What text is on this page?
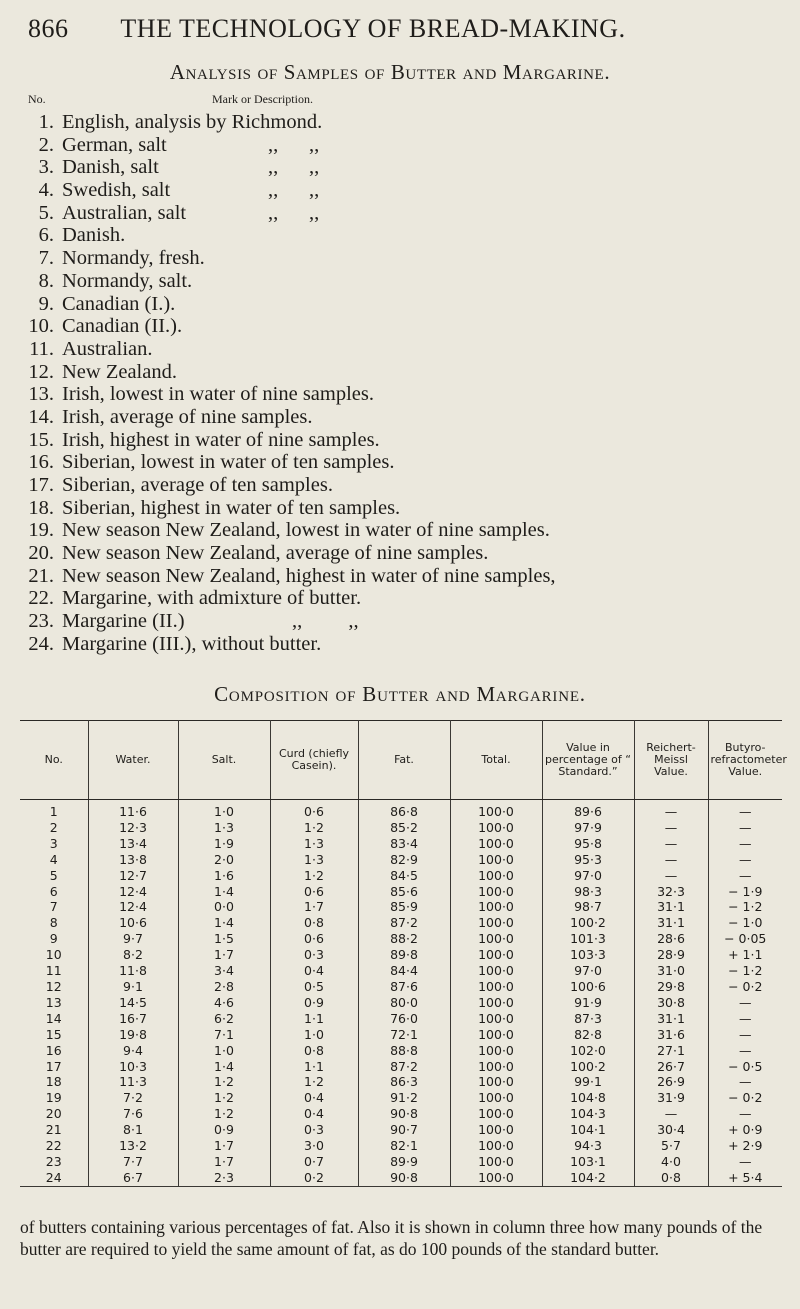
866	THE TECHNOLOGY OF BREAD-MAKING.
Analysis of Samples of Butter and Margarine.
No.	Mark or Description.
1. English, analysis by Richmond.
2. German, salt	,,      ,,
3. Danish, salt	,,      ,,
4. Swedish, salt	,,      ,,
5. Australian, salt	,,      ,,
6. Danish.
7. Normandy, fresh.
8. Normandy, salt.
9. Canadian (I.).
10. Canadian (II.).
11. Australian.
12. New Zealand.
13. Irish, lowest in water of nine samples.
14. Irish, average of nine samples.
15. Irish, highest in water of nine samples.
16. Siberian, lowest in water of ten samples.
17. Siberian, average of ten samples.
18. Siberian, highest in water of ten samples.
19. New season New Zealand, lowest in water of nine samples.
20. New season New Zealand, average of nine samples.
21. New season New Zealand, highest in water of nine samples,
22. Margarine, with admixture of butter.
23. Margarine (II.)	,,         ,,
24. Margarine (III.), without butter.
Composition of Butter and Margarine.
No.	Water.	Salt.	Curd (chiefly Casein).	Fat.	Total.	Value in percentage of “ Standard.”	Reichert-Meissl Value.	Butyro-refractometer Value.
1	11·6	1·0	0·6	86·8	100·0	89·6	—	—
2	12·3	1·3	1·2	85·2	100·0	97·9	—	—
3	13·4	1·9	1·3	83·4	100·0	95·8	—	—
4	13·8	2·0	1·3	82·9	100·0	95·3	—	—
5	12·7	1·6	1·2	84·5	100·0	97·0	—	—
6	12·4	1·4	0·6	85·6	100·0	98·3	32·3	− 1·9
7	12·4	0·0	1·7	85·9	100·0	98·7	31·1	− 1·2
8	10·6	1·4	0·8	87·2	100·0	100·2	31·1	− 1·0
9	9·7	1·5	0·6	88·2	100·0	101·3	28·6	− 0·05
10	8·2	1·7	0·3	89·8	100·0	103·3	28·9	+ 1·1
11	11·8	3·4	0·4	84·4	100·0	97·0	31·0	− 1·2
12	9·1	2·8	0·5	87·6	100·0	100·6	29·8	− 0·2
13	14·5	4·6	0·9	80·0	100·0	91·9	30·8	—
14	16·7	6·2	1·1	76·0	100·0	87·3	31·1	—
15	19·8	7·1	1·0	72·1	100·0	82·8	31·6	—
16	9·4	1·0	0·8	88·8	100·0	102·0	27·1	—
17	10·3	1·4	1·1	87·2	100·0	100·2	26·7	− 0·5
18	11·3	1·2	1·2	86·3	100·0	99·1	26·9	—
19	7·2	1·2	0·4	91·2	100·0	104·8	31·9	− 0·2
20	7·6	1·2	0·4	90·8	100·0	104·3	—	—
21	8·1	0·9	0·3	90·7	100·0	104·1	30·4	+ 0·9
22	13·2	1·7	3·0	82·1	100·0	94·3	5·7	+ 2·9
23	7·7	1·7	0·7	89·9	100·0	103·1	4·0	—
24	6·7	2·3	0·2	90·8	100·0	104·2	0·8	+ 5·4
of butters containing various percentages of fat. Also it is shown in column three how many pounds of the butter are required to yield the same amount of fat, as do 100 pounds of the standard butter.
